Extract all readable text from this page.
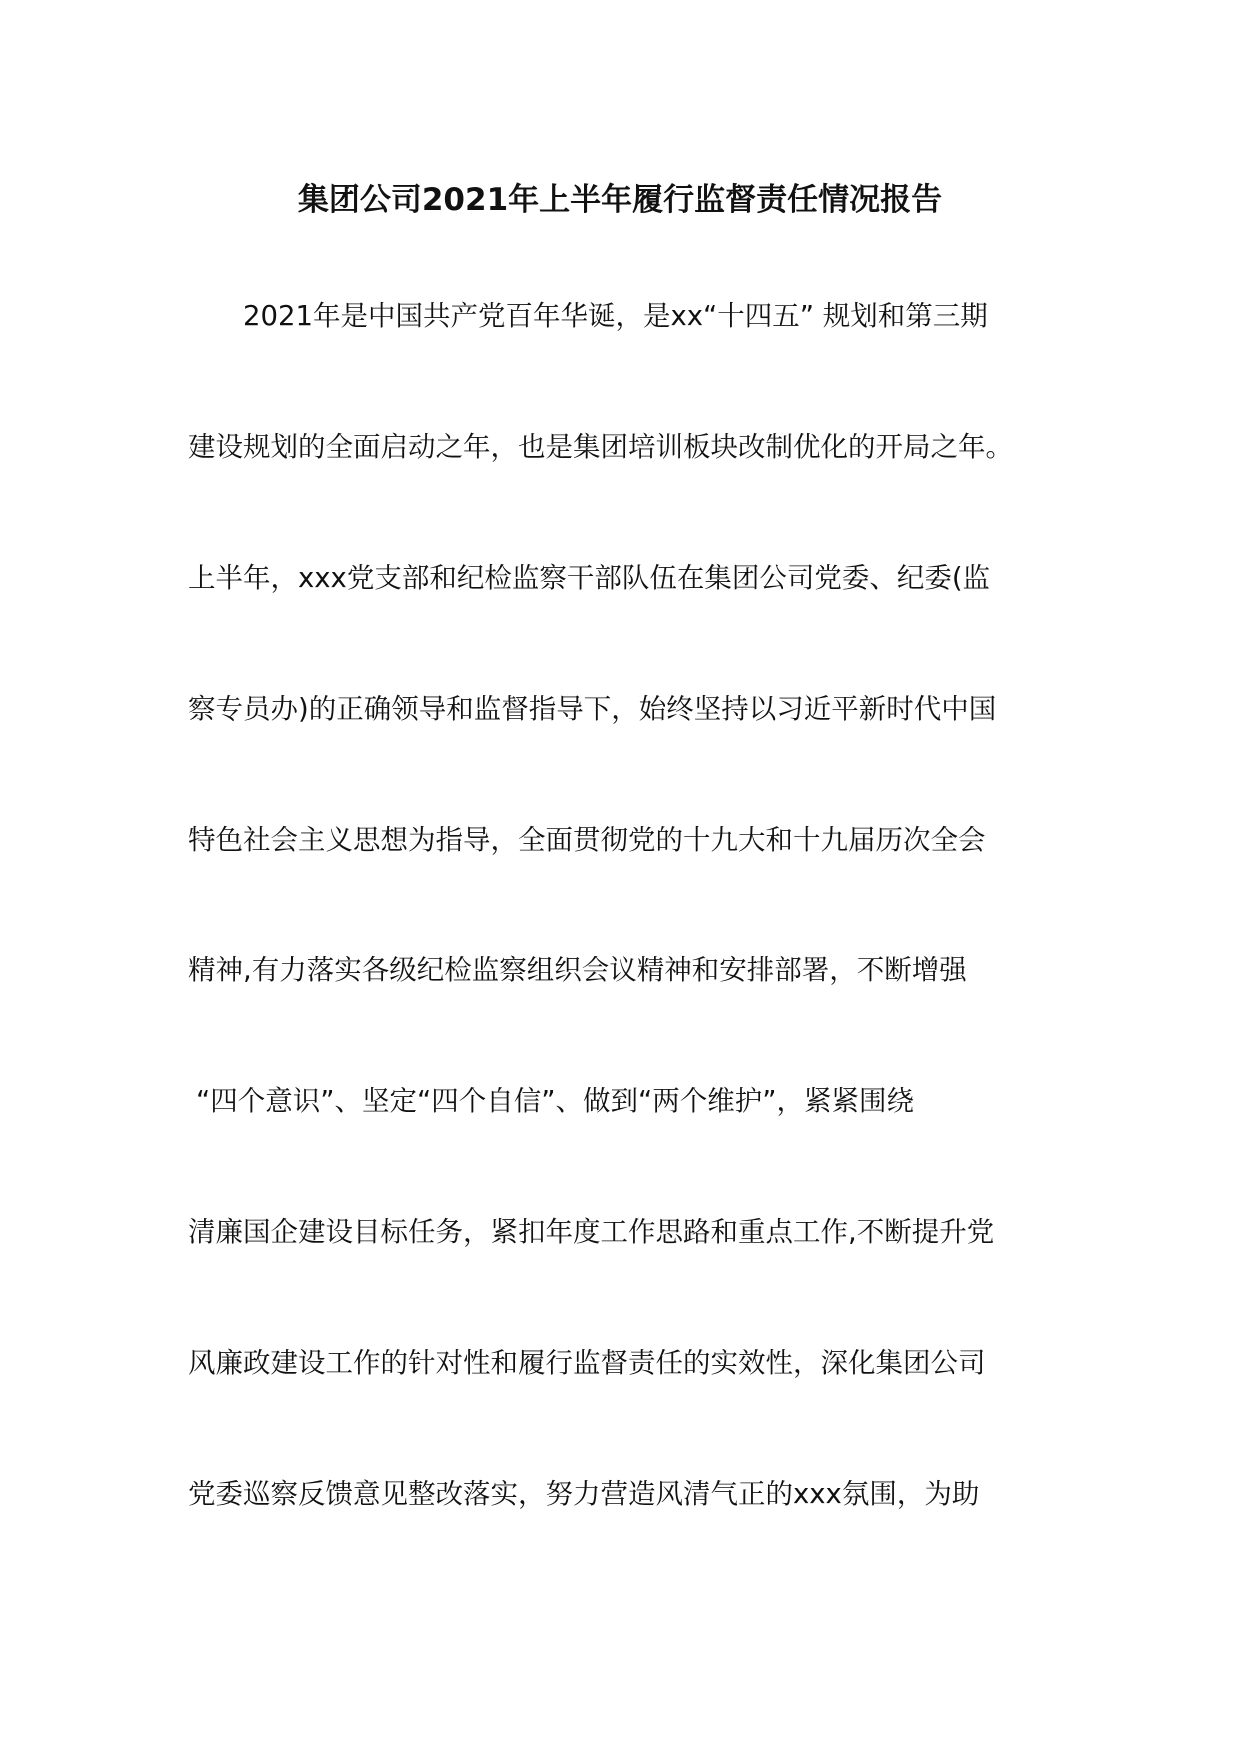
集团公司2021年上半年履行监督责任情况报告
2021年是中国共产党百年华诞，是xx“十四五” 规划和第三期
建设规划的全面启动之年，也是集团培训板块改制优化的开局之年。
上半年，xxx党支部和纪检监察干部队伍在集团公司党委、纪委(监
察专员办)的正确领导和监督指导下，始终坚持以习近平新时代中国
特色社会主义思想为指导，全面贯彻党的十九大和十九届历次全会
精神,有力落实各级纪检监察组织会议精神和安排部署，不断增强
“四个意识”、坚定“四个自信”、做到“两个维护”，紧紧围绕
清廉国企建设目标任务，紧扣年度工作思路和重点工作,不断提升党
风廉政建设工作的针对性和履行监督责任的实效性，深化集团公司
党委巡察反馈意见整改落实，努力营造风清气正的xxx氛围，为助
